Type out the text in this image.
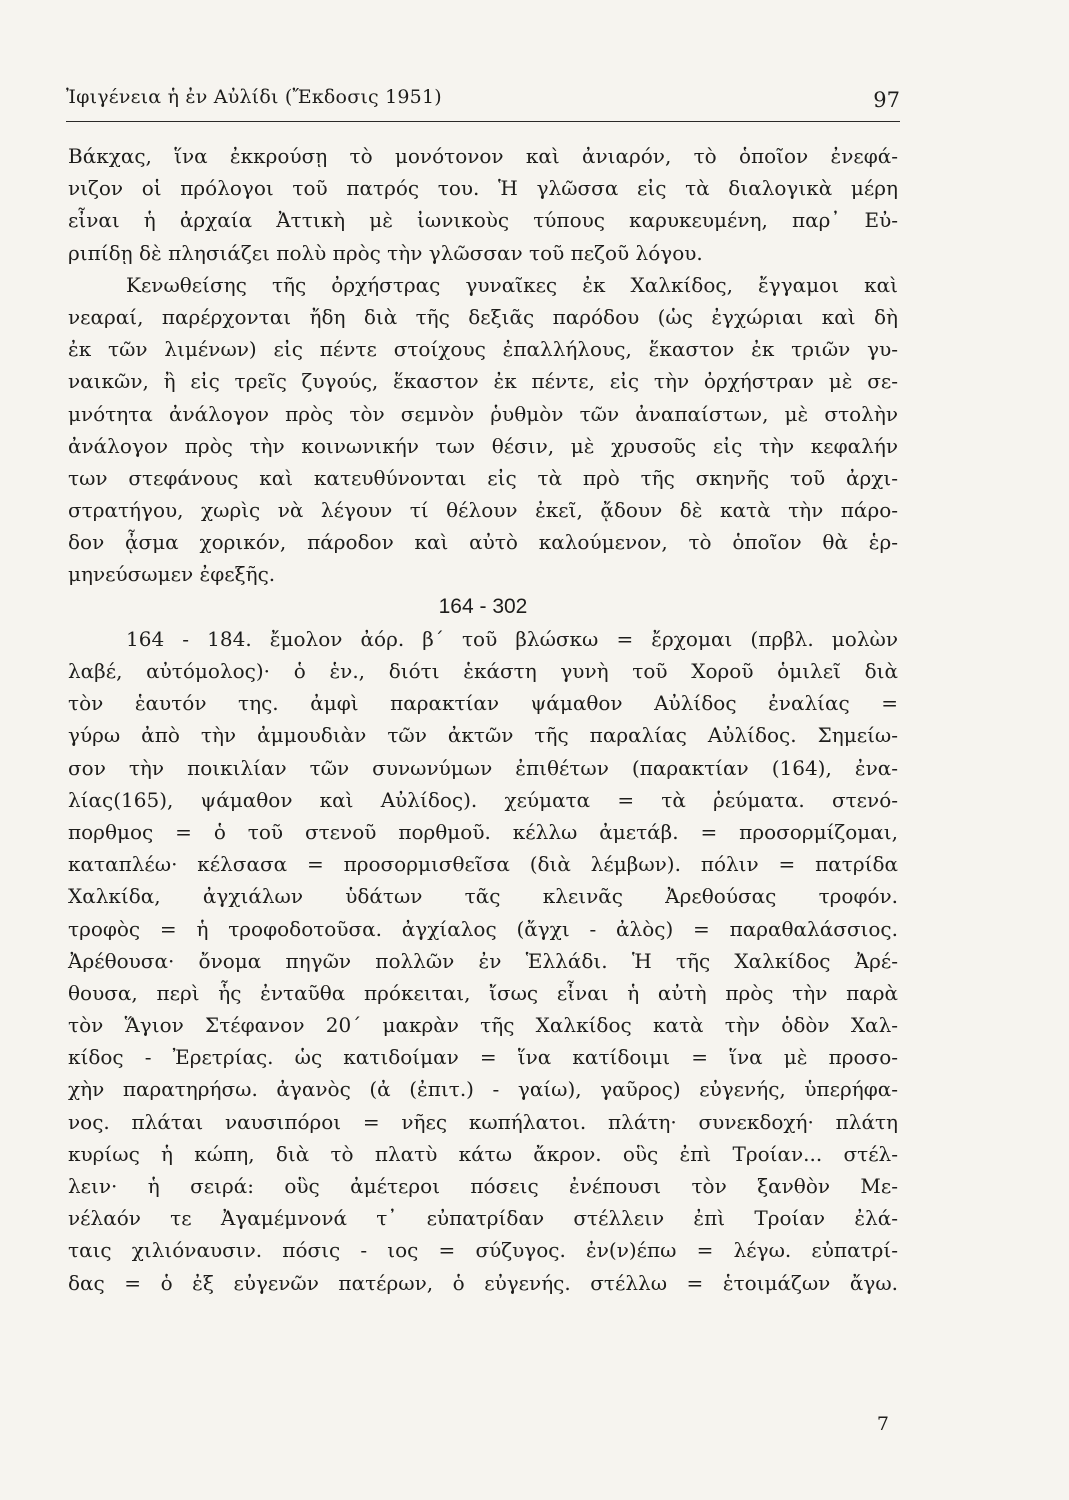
Ἰφιγένεια ἡ ἐν Αὐλίδι (Ἔκδοσις 1951)	97
Βάκχας, ἵνα ἐκκρούσῃ τὸ μονότονον καὶ ἀνιαρόν, τὸ ὁποῖον ἐνεφά-
νιζον οἱ πρόλογοι τοῦ πατρός του. Ἡ γλῶσσα εἰς τὰ διαλογικὰ μέρη
εἶναι ἡ ἀρχαία Ἀττικὴ μὲ ἰωνικοὺς τύπους καρυκευμένη, παρ᾿ Εὐ-
ριπίδῃ δὲ πλησιάζει πολὺ πρὸς τὴν γλῶσσαν τοῦ πεζοῦ λόγου.
Κενωθείσης τῆς ὀρχήστρας γυναῖκες ἐκ Χαλκίδος, ἔγγαμοι καὶ
νεαραί, παρέρχονται ἤδη διὰ τῆς δεξιᾶς παρόδου (ὡς ἐγχώριαι καὶ δὴ
ἐκ τῶν λιμένων) εἰς πέντε στοίχους ἐπαλλήλους, ἕκαστον ἐκ τριῶν γυ-
ναικῶν, ἢ εἰς τρεῖς ζυγούς, ἕκαστον ἐκ πέντε, εἰς τὴν ὀρχήστραν μὲ σε-
μνότητα ἀνάλογον πρὸς τὸν σεμνὸν ῥυθμὸν τῶν ἀναπαίστων, μὲ στολὴν
ἀνάλογον πρὸς τὴν κοινωνικήν των θέσιν, μὲ χρυσοῦς εἰς τὴν κεφαλήν
των στεφάνους καὶ κατευθύνονται εἰς τὰ πρὸ τῆς σκηνῆς τοῦ ἀρχι-
στρατήγου, χωρὶς νὰ λέγουν τί θέλουν ἐκεῖ, ᾄδουν δὲ κατὰ τὴν πάρο-
δον ᾆσμα χορικόν, πάροδον καὶ αὐτὸ καλούμενον, τὸ ὁποῖον θὰ ἑρ-
μηνεύσωμεν ἐφεξῆς.
164 - 302
164 - 184. ἔμολον ἀόρ. β΄ τοῦ βλώσκω = ἔρχομαι (πρβλ. μολὼν
λαβέ, αὐτόμολος)· ὁ ἑν., διότι ἑκάστη γυνὴ τοῦ Χοροῦ ὁμιλεῖ διὰ
τὸν ἑαυτόν της. ἀμφὶ παρακτίαν ψάμαθον Αὐλίδος ἐναλίας =
γύρω ἀπὸ τὴν ἀμμουδιὰν τῶν ἀκτῶν τῆς παραλίας Αὐλίδος. Σημείω-
σον τὴν ποικιλίαν τῶν συνωνύμων ἐπιθέτων (παρακτίαν (164), ἐνα-
λίας(165), ψάμαθον καὶ Αὐλίδος). χεύματα = τὰ ῥεύματα. στενό-
πορθμος = ὁ τοῦ στενοῦ πορθμοῦ. κέλλω ἀμετάβ. = προσορμίζομαι,
καταπλέω· κέλσασα = προσορμισθεῖσα (διὰ λέμβων). πόλιν = πατρίδα
Χαλκίδα, ἀγχιάλων ὑδάτων τᾶς κλεινᾶς Ἀρεθούσας τροφόν.
τροφὸς = ἡ τροφοδοτοῦσα. ἀγχίαλος (ἄγχι - ἀλὸς) = παραθαλάσσιος.
Ἀρέθουσα· ὄνομα πηγῶν πολλῶν ἐν Ἑλλάδι. Ἡ τῆς Χαλκίδος Ἀρέ-
θουσα, περὶ ἧς ἐνταῦθα πρόκειται, ἴσως εἶναι ἡ αὐτὴ πρὸς τὴν παρὰ
τὸν Ἅγιον Στέφανον 20΄ μακρὰν τῆς Χαλκίδος κατὰ τὴν ὁδὸν Χαλ-
κίδος - Ἐρετρίας. ὡς κατιδοίμαν = ἵνα κατίδοιμι = ἵνα μὲ προσο-
χὴν παρατηρήσω. ἀγανὸς (ἀ (ἐπιτ.) - γαίω), γαῦρος) εὐγενής, ὑπερήφα-
νος. πλάται ναυσιπόροι = νῆες κωπήλατοι. πλάτη· συνεκδοχή· πλάτη
κυρίως ἡ κώπη, διὰ τὸ πλατὺ κάτω ἄκρον. οὓς ἐπὶ Τροίαν... στέλ-
λειν· ἡ σειρά: οὓς ἀμέτεροι πόσεις ἐνέπουσι τὸν ξανθὸν Με-
νέλαόν τε Ἀγαμέμνονά τ᾿ εὐπατρίδαν στέλλειν ἐπὶ Τροίαν ἐλά-
ταις χιλιόναυσιν. πόσις - ιος = σύζυγος. ἐν(ν)έπω = λέγω. εὐπατρί-
δας = ὁ ἐξ εὐγενῶν πατέρων, ὁ εὐγενής. στέλλω = ἑτοιμάζων ἄγω.
7
